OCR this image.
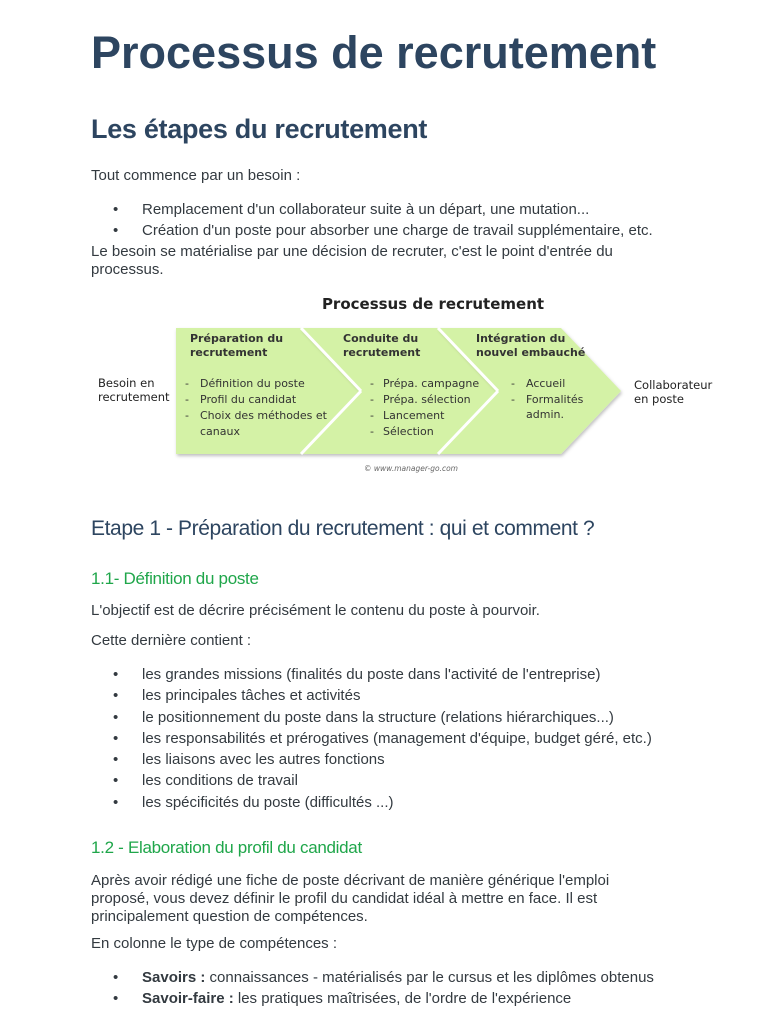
Processus de recrutement
Les étapes du recrutement

Tout commence par un besoin :

• Remplacement d'un collaborateur suite à un départ, une mutation...
• Création d'un poste pour absorber une charge de travail supplémentaire, etc.

Le besoin se matérialise par une décision de recruter, c'est le point d'entrée du processus.

Processus de recrutement
Besoin en
recrutement
Collaborateur
en poste
Préparation du
recrutement
- Définition du poste
- Profil du candidat
- Choix des méthodes et
canaux
Conduite du
recrutement
- Prépa. campagne
- Prépa. sélection
- Lancement
- Sélection
Intégration du
nouvel embauché
- Accueil
- Formalités
admin.
© www.manager-go.com
Etape 1 - Préparation du recrutement : qui et comment ?
1.1- Définition du poste

L'objectif est de décrire précisément le contenu du poste à pourvoir.

Cette dernière contient :

• les grandes missions (finalités du poste dans l'activité de l'entreprise)
• les principales tâches et activités
• le positionnement du poste dans la structure (relations hiérarchiques...)
• les responsabilités et prérogatives (management d'équipe, budget géré, etc.)
• les liaisons avec les autres fonctions
• les conditions de travail
• les spécificités du poste (difficultés ...)
1.2 - Elaboration du profil du candidat

Après avoir rédigé une fiche de poste décrivant de manière générique l'emploi proposé, vous devez définir le profil du candidat idéal à mettre en face. Il est principalement question de compétences.

En colonne le type de compétences :

• Savoirs : connaissances - matérialisés par le cursus et les diplômes obtenus
• Savoir-faire : les pratiques maîtrisées, de l'ordre de l'expérience
